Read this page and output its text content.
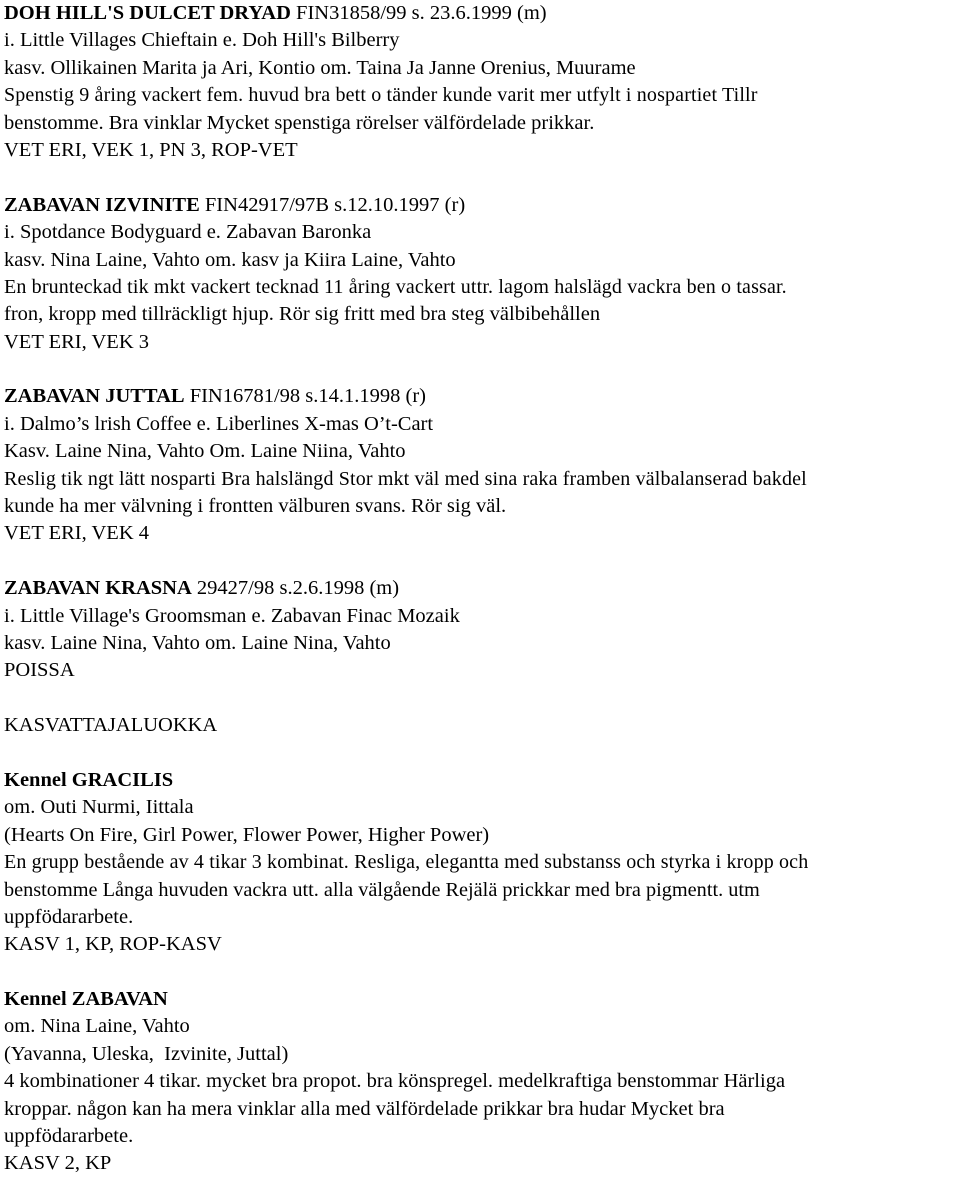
DOH HILL'S DULCET DRYAD FIN31858/99 s. 23.6.1999 (m)
i. Little Villages Chieftain e. Doh Hill's Bilberry
kasv. Ollikainen Marita ja Ari, Kontio om. Taina Ja Janne Orenius, Muurame
Spenstig 9 åring vackert fem. huvud bra bett o tänder kunde varit mer utfylt i nospartiet Tillr
benstomme. Bra vinklar Mycket spenstiga rörelser välfördelade prikkar.
VET ERI, VEK 1, PN 3, ROP-VET
ZABAVAN IZVINITE FIN42917/97B s.12.10.1997 (r)
i. Spotdance Bodyguard e. Zabavan Baronka
kasv. Nina Laine, Vahto om. kasv ja Kiira Laine, Vahto
En brunteckad tik mkt vackert tecknad 11 åring vackert uttr. lagom halslägd vackra ben o tassar.
fron, kropp med tillräckligt hjup. Rör sig fritt med bra steg välbibehållen
VET ERI, VEK 3
ZABAVAN JUTTAL FIN16781/98 s.14.1.1998 (r)
i. Dalmo’s lrish Coffee e. Liberlines X-mas O’t-Cart
Kasv. Laine Nina, Vahto Om. Laine Niina, Vahto
Reslig tik ngt lätt nosparti Bra halslängd Stor mkt väl med sina raka framben välbalanserad bakdel
kunde ha mer välvning i frontten välburen svans. Rör sig väl.
VET ERI, VEK 4
ZABAVAN KRASNA 29427/98 s.2.6.1998 (m)
i. Little Village's Groomsman e. Zabavan Finac Mozaik
kasv. Laine Nina, Vahto om. Laine Nina, Vahto
POISSA
KASVATTAJALUOKKA
Kennel GRACILIS
om. Outi Nurmi, Iittala
(Hearts On Fire, Girl Power, Flower Power, Higher Power)
En grupp bestående av 4 tikar 3 kombinat. Resliga, elegantta med substanss och styrka i kropp och
benstomme Långa huvuden vackra utt. alla välgående Rejälä prickkar med bra pigmentt. utm
uppfödararbete.
KASV 1, KP, ROP-KASV
Kennel ZABAVAN
om. Nina Laine, Vahto
(Yavanna, Uleska,  Izvinite, Juttal)
4 kombinationer 4 tikar. mycket bra propot. bra könspregel. medelkraftiga benstommar Härliga
kroppar. någon kan ha mera vinklar alla med välfördelade prikkar bra hudar Mycket bra
uppfödararbete.
KASV 2, KP
